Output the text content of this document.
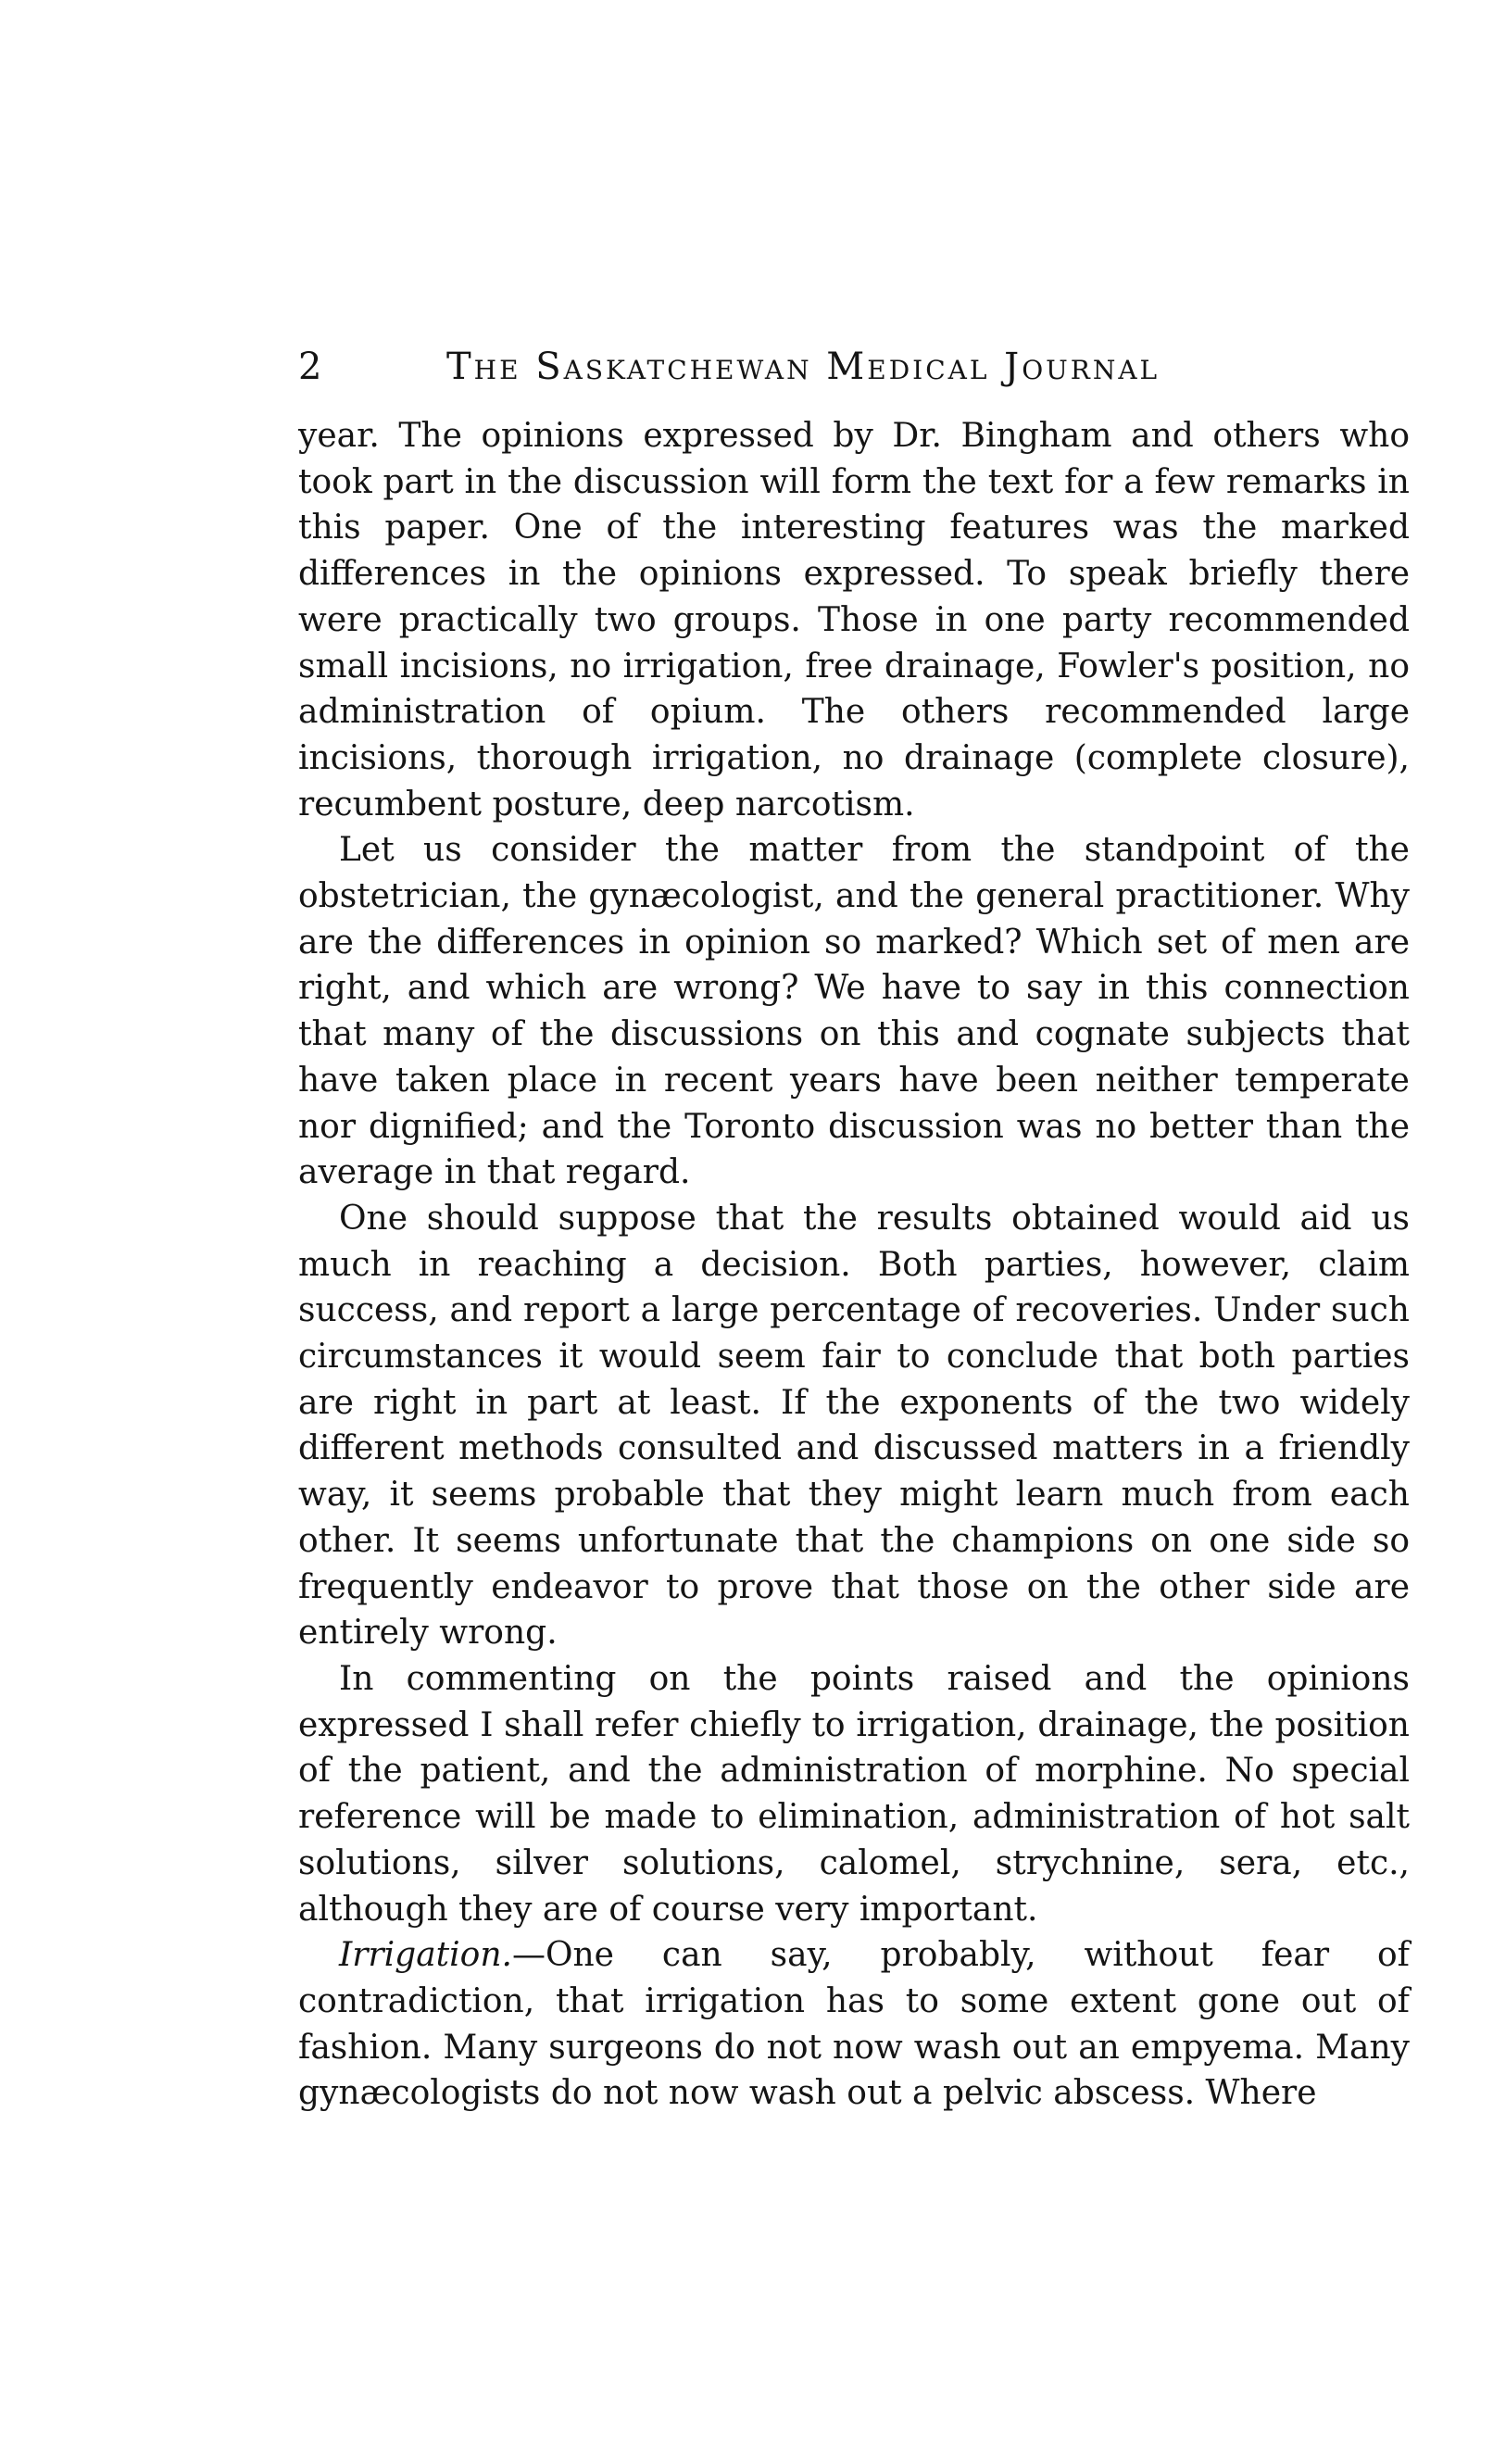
2	The Saskatchewan Medical Journal

year. The opinions expressed by Dr. Bingham and others who took part in the discussion will form the text for a few remarks in this paper. One of the interesting features was the marked differences in the opinions expressed. To speak briefly there were practically two groups. Those in one party recommended small incisions, no irrigation, free drainage, Fowler's position, no administration of opium. The others recommended large incisions, thorough irrigation, no drainage (complete closure), recumbent posture, deep narcotism.

Let us consider the matter from the standpoint of the obstetrician, the gynæcologist, and the general practitioner. Why are the differences in opinion so marked? Which set of men are right, and which are wrong? We have to say in this connection that many of the discussions on this and cognate subjects that have taken place in recent years have been neither temperate nor dignified; and the Toronto discussion was no better than the average in that regard.

One should suppose that the results obtained would aid us much in reaching a decision. Both parties, however, claim success, and report a large percentage of recoveries. Under such circumstances it would seem fair to conclude that both parties are right in part at least. If the exponents of the two widely different methods consulted and discussed matters in a friendly way, it seems probable that they might learn much from each other. It seems unfortunate that the champions on one side so frequently endeavor to prove that those on the other side are entirely wrong.

In commenting on the points raised and the opinions expressed I shall refer chiefly to irrigation, drainage, the position of the patient, and the administration of morphine. No special reference will be made to elimination, administration of hot salt solutions, silver solutions, calomel, strychnine, sera, etc., although they are of course very important.

Irrigation.—One can say, probably, without fear of contradiction, that irrigation has to some extent gone out of fashion. Many surgeons do not now wash out an empyema. Many gynæcologists do not now wash out a pelvic abscess. Where
